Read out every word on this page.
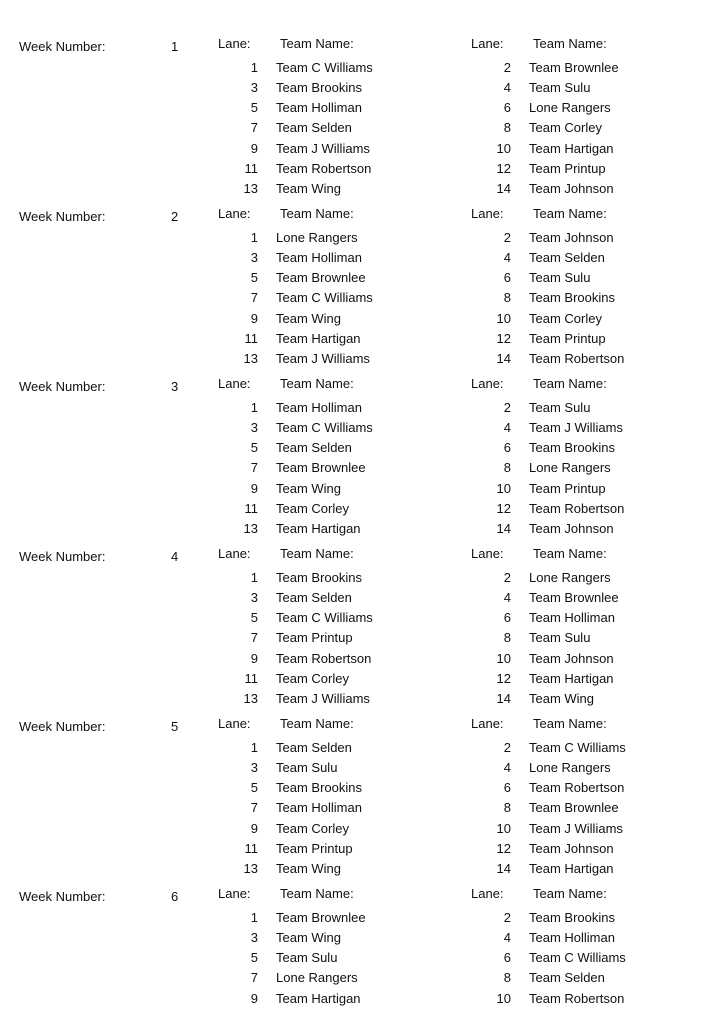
Week Number:	1	Lane: Team Name:	Lane: Team Name:
1 Team C Williams	2 Team Brownlee
3 Team Brookins	4 Team Sulu
5 Team Holliman	6 Lone Rangers
7 Team Selden	8 Team Corley
9 Team J Williams	10 Team Hartigan
11 Team Robertson	12 Team Printup
13 Team Wing	14 Team Johnson
Week Number:	2	Lane: Team Name:	Lane: Team Name:
1 Lone Rangers	2 Team Johnson
3 Team Holliman	4 Team Selden
5 Team Brownlee	6 Team Sulu
7 Team C Williams	8 Team Brookins
9 Team Wing	10 Team Corley
11 Team Hartigan	12 Team Printup
13 Team J Williams	14 Team Robertson
Week Number:	3	Lane: Team Name:	Lane: Team Name:
1 Team Holliman	2 Team Sulu
3 Team C Williams	4 Team J Williams
5 Team Selden	6 Team Brookins
7 Team Brownlee	8 Lone Rangers
9 Team Wing	10 Team Printup
11 Team Corley	12 Team Robertson
13 Team Hartigan	14 Team Johnson
Week Number:	4	Lane: Team Name:	Lane: Team Name:
1 Team Brookins	2 Lone Rangers
3 Team Selden	4 Team Brownlee
5 Team C Williams	6 Team Holliman
7 Team Printup	8 Team Sulu
9 Team Robertson	10 Team Johnson
11 Team Corley	12 Team Hartigan
13 Team J Williams	14 Team Wing
Week Number:	5	Lane: Team Name:	Lane: Team Name:
1 Team Selden	2 Team C Williams
3 Team Sulu	4 Lone Rangers
5 Team Brookins	6 Team Robertson
7 Team Holliman	8 Team Brownlee
9 Team Corley	10 Team J Williams
11 Team Printup	12 Team Johnson
13 Team Wing	14 Team Hartigan
Week Number:	6	Lane: Team Name:	Lane: Team Name:
1 Team Brownlee	2 Team Brookins
3 Team Wing	4 Team Holliman
5 Team Sulu	6 Team C Williams
7 Lone Rangers	8 Team Selden
9 Team Hartigan	10 Team Robertson
